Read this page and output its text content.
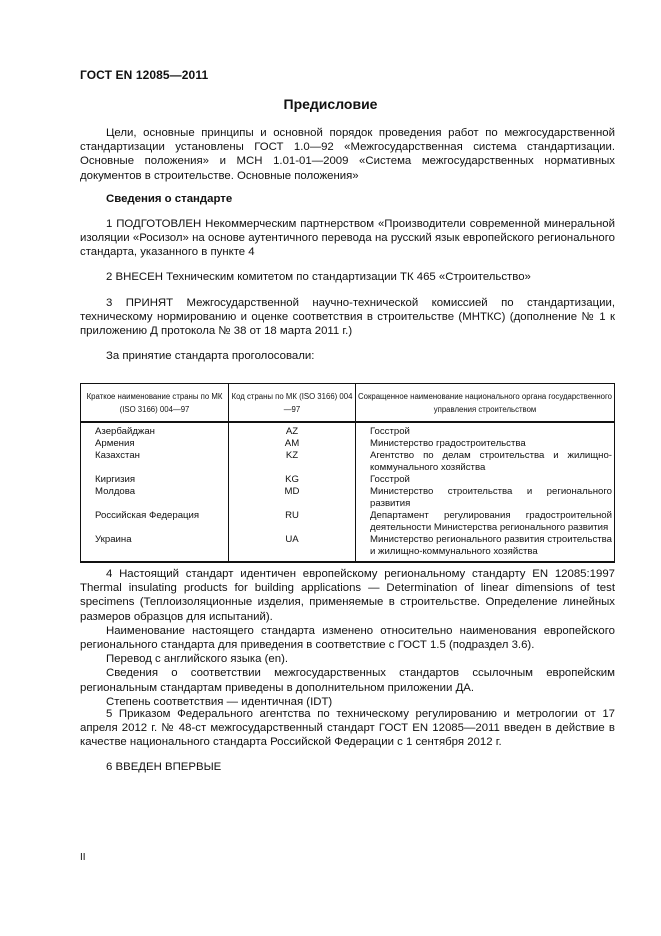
ГОСТ EN 12085—2011
Предисловие
Цели, основные принципы и основной порядок проведения работ по межгосударственной стандартизации установлены ГОСТ 1.0—92 «Межгосударственная система стандартизации. Основные положения» и МСН 1.01-01—2009 «Система межгосударственных нормативных документов в строительстве. Основные положения»
Сведения о стандарте
1 ПОДГОТОВЛЕН Некоммерческим партнерством «Производители современной минеральной изоляции «Росизол» на основе аутентичного перевода на русский язык европейского регионального стандарта, указанного в пункте 4
2 ВНЕСЕН Техническим комитетом по стандартизации ТК 465 «Строительство»
3 ПРИНЯТ Межгосударственной научно-технической комиссией по стандартизации, техническому нормированию и оценке соответствия в строительстве (МНТКС) (дополнение № 1 к приложению Д протокола № 38 от 18 марта 2011 г.)
За принятие стандарта проголосовали:
Краткое наименование страны по МК (ISO 3166) 004—97	Код страны по МК (ISO 3166) 004—97	Сокращенное наименование национального органа государственного управления строительством
Азербайджан	AZ	Госстрой
Армения	AM	Министерство градостроительства
Казахстан	KZ	Агентство по делам строительства и жилищно-коммунального хозяйства
Киргизия	KG	Госстрой
Молдова	MD	Министерство строительства и регионального развития
Российская Федерация	RU	Департамент регулирования градостроительной деятельности Министерства регионального развития
Украина	UA	Министерство регионального развития строительства и жилищно-коммунального хозяйства
4 Настоящий стандарт идентичен европейскому региональному стандарту EN 12085:1997 Thermal insulating products for building applications — Determination of linear dimensions of test specimens (Теплоизоляционные изделия, применяемые в строительстве. Определение линейных размеров образцов для испытаний).
Наименование настоящего стандарта изменено относительно наименования европейского регионального стандарта для приведения в соответствие с ГОСТ 1.5 (подраздел 3.6).
Перевод с английского языка (en).
Сведения о соответствии межгосударственных стандартов ссылочным европейским региональным стандартам приведены в дополнительном приложении ДА.
Степень соответствия — идентичная (IDT)
5 Приказом Федерального агентства по техническому регулированию и метрологии от 17 апреля 2012 г. № 48-ст межгосударственный стандарт ГОСТ EN 12085—2011 введен в действие в качестве национального стандарта Российской Федерации с 1 сентября 2012 г.
6 ВВЕДЕН ВПЕРВЫЕ
II
